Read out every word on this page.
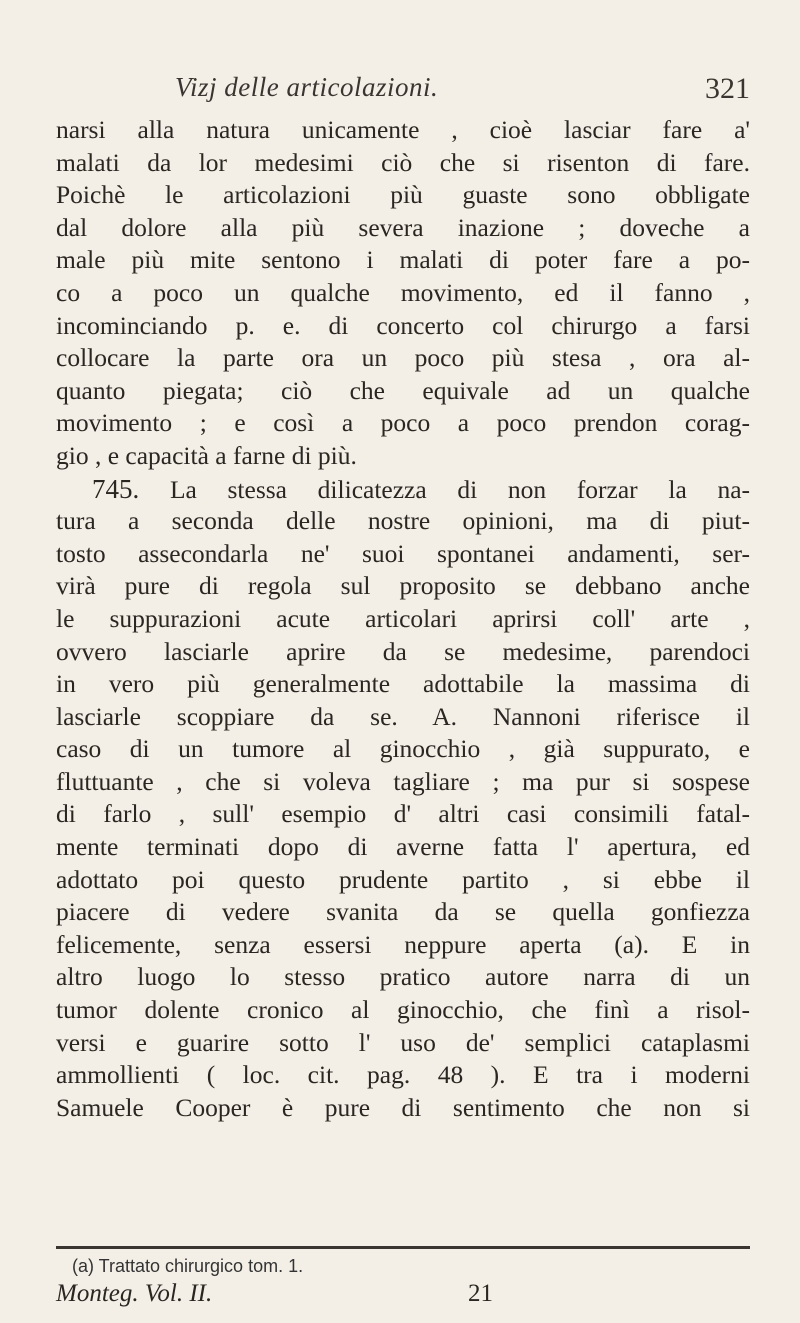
Vizj delle articolazioni.	321
narsi alla natura unicamente , cioè lasciar fare a'
malati da lor medesimi ciò che si risenton di fare.
Poichè le articolazioni più guaste sono obbligate
dal dolore alla più severa inazione ; doveche a
male più mite sentono i malati di poter fare a po-
co a poco un qualche movimento, ed il fanno ,
incominciando p. e. di concerto col chirurgo a farsi
collocare la parte ora un poco più stesa , ora al-
quanto piegata; ciò che equivale ad un qualche
movimento ; e così a poco a poco prendon corag-
gio , e capacità a farne di più.
745. La stessa dilicatezza di non forzar la na-
tura a seconda delle nostre opinioni, ma di piut-
tosto assecondarla ne' suoi spontanei andamenti, ser-
virà pure di regola sul proposito se debbano anche
le suppurazioni acute articolari aprirsi coll' arte ,
ovvero lasciarle aprire da se medesime, parendoci
in vero più generalmente adottabile la massima di
lasciarle scoppiare da se. A. Nannoni riferisce il
caso di un tumore al ginocchio , già suppurato, e
fluttuante , che si voleva tagliare ; ma pur si sospese
di farlo , sull' esempio d' altri casi consimili fatal-
mente terminati dopo di averne fatta l' apertura, ed
adottato poi questo prudente partito , si ebbe il
piacere di vedere svanita da se quella gonfiezza
felicemente, senza essersi neppure aperta (a). E in
altro luogo lo stesso pratico autore narra di un
tumor dolente cronico al ginocchio, che finì a risol-
versi e guarire sotto l' uso de' semplici cataplasmi
ammollienti ( loc. cit. pag. 48 ). E tra i moderni
Samuele Cooper è pure di sentimento che non si
(a) Trattato chirurgico tom. 1.
Monteg. Vol. II.	21
